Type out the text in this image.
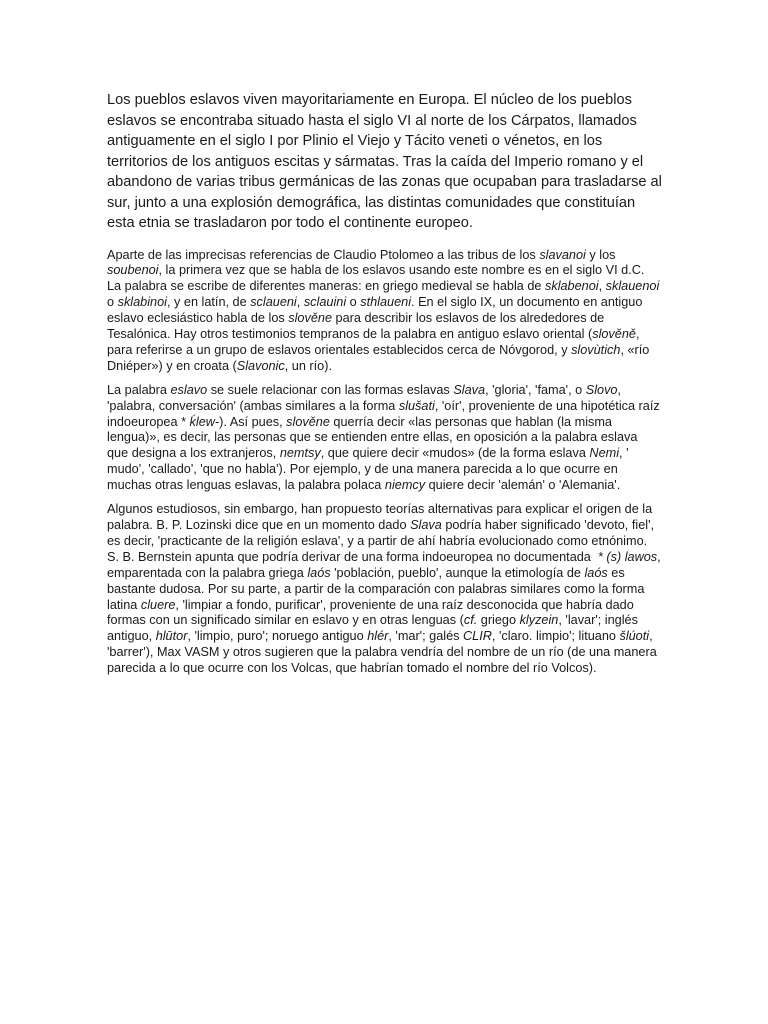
Los pueblos eslavos viven mayoritariamente en Europa. El núcleo de los pueblos eslavos se encontraba situado hasta el siglo VI al norte de los Cárpatos, llamados antiguamente en el siglo I por Plinio el Viejo y Tácito veneti o vénetos, en los territorios de los antiguos escitas y sármatas. Tras la caída del Imperio romano y el abandono de varias tribus germánicas de las zonas que ocupaban para trasladarse al sur, junto a una explosión demográfica, las distintas comunidades que constituían esta etnia se trasladaron por todo el continente europeo.

Aparte de las imprecisas referencias de Claudio Ptolomeo a las tribus de los slavanoi y los soubenoi, la primera vez que se habla de los eslavos usando este nombre es en el siglo VI d.C. La palabra se escribe de diferentes maneras: en griego medieval se habla de sklabenoi, sklauenoi o sklabinoi, y en latín, de sclaueni, sclauini o sthlaueni. En el siglo IX, un documento en antiguo eslavo eclesiástico habla de los slověne para describir los eslavos de los alrededores de Tesalónica. Hay otros testimonios tempranos de la palabra en antiguo eslavo oriental (slověně, para referirse a un grupo de eslavos orientales establecidos cerca de Nóvgorod, y slovùtich, «río Dniéper») y en croata (Slavonic, un río).

La palabra eslavo se suele relacionar con las formas eslavas Slava, 'gloria', 'fama', o Slovo, 'palabra, conversación' (ambas similares a la forma slušati, 'oír', proveniente de una hipotética raíz indoeuropea * ḱlew-). Así pues, slověne querría decir «las personas que hablan (la misma lengua)», es decir, las personas que se entienden entre ellas, en oposición a la palabra eslava que designa a los extranjeros, nemtsy, que quiere decir «mudos» (de la forma eslava Nemi, ' mudo', 'callado', 'que no habla'). Por ejemplo, y de una manera parecida a lo que ocurre en muchas otras lenguas eslavas, la palabra polaca niemcy quiere decir 'alemán' o 'Alemania'.

Algunos estudiosos, sin embargo, han propuesto teorías alternativas para explicar el origen de la palabra. B. P. Lozinski dice que en un momento dado Slava podría haber significado 'devoto, fiel', es decir, 'practicante de la religión eslava', y a partir de ahí habría evolucionado como etnónimo. S. B. Bernstein apunta que podría derivar de una forma indoeuropea no documentada  * (s) lawos, emparentada con la palabra griega laós 'población, pueblo', aunque la etimología de laós es bastante dudosa. Por su parte, a partir de la comparación con palabras similares como la forma latina cluere, 'limpiar a fondo, purificar', proveniente de una raíz desconocida que habría dado formas con un significado similar en eslavo y en otras lenguas (cf. griego klyzein, 'lavar'; inglés antiguo, hlūtor, 'limpio, puro'; noruego antiguo hlér, 'mar'; galés CLIR, 'claro. limpio'; lituano šlúoti, 'barrer'), Max VASM y otros sugieren que la palabra vendría del nombre de un río (de una manera parecida a lo que ocurre con los Volcas, que habrían tomado el nombre del río Volcos).
